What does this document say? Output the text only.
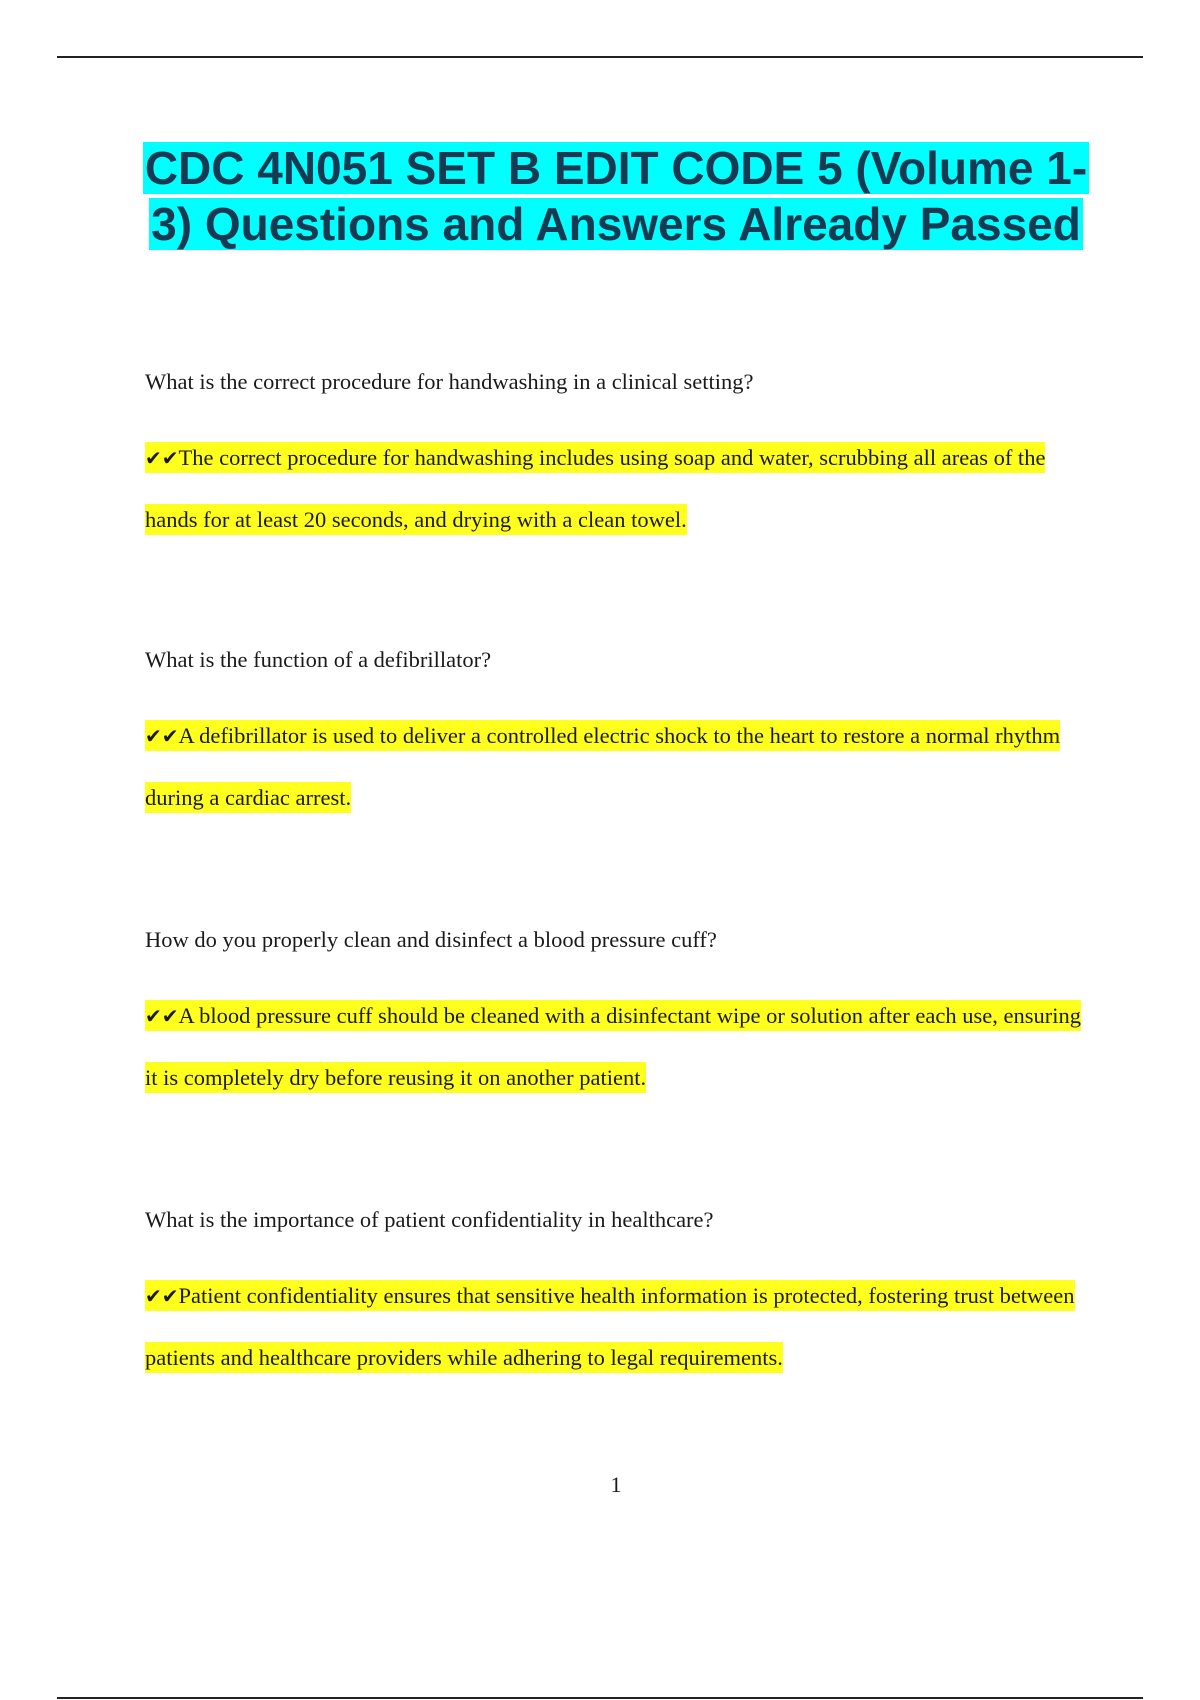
CDC 4N051 SET B EDIT CODE 5 (Volume 1-3) Questions and Answers Already Passed

What is the correct procedure for handwashing in a clinical setting?

✔✔The correct procedure for handwashing includes using soap and water, scrubbing all areas of the hands for at least 20 seconds, and drying with a clean towel.

What is the function of a defibrillator?

✔✔A defibrillator is used to deliver a controlled electric shock to the heart to restore a normal rhythm during a cardiac arrest.

How do you properly clean and disinfect a blood pressure cuff?

✔✔A blood pressure cuff should be cleaned with a disinfectant wipe or solution after each use, ensuring it is completely dry before reusing it on another patient.

What is the importance of patient confidentiality in healthcare?

✔✔Patient confidentiality ensures that sensitive health information is protected, fostering trust between patients and healthcare providers while adhering to legal requirements.

1
